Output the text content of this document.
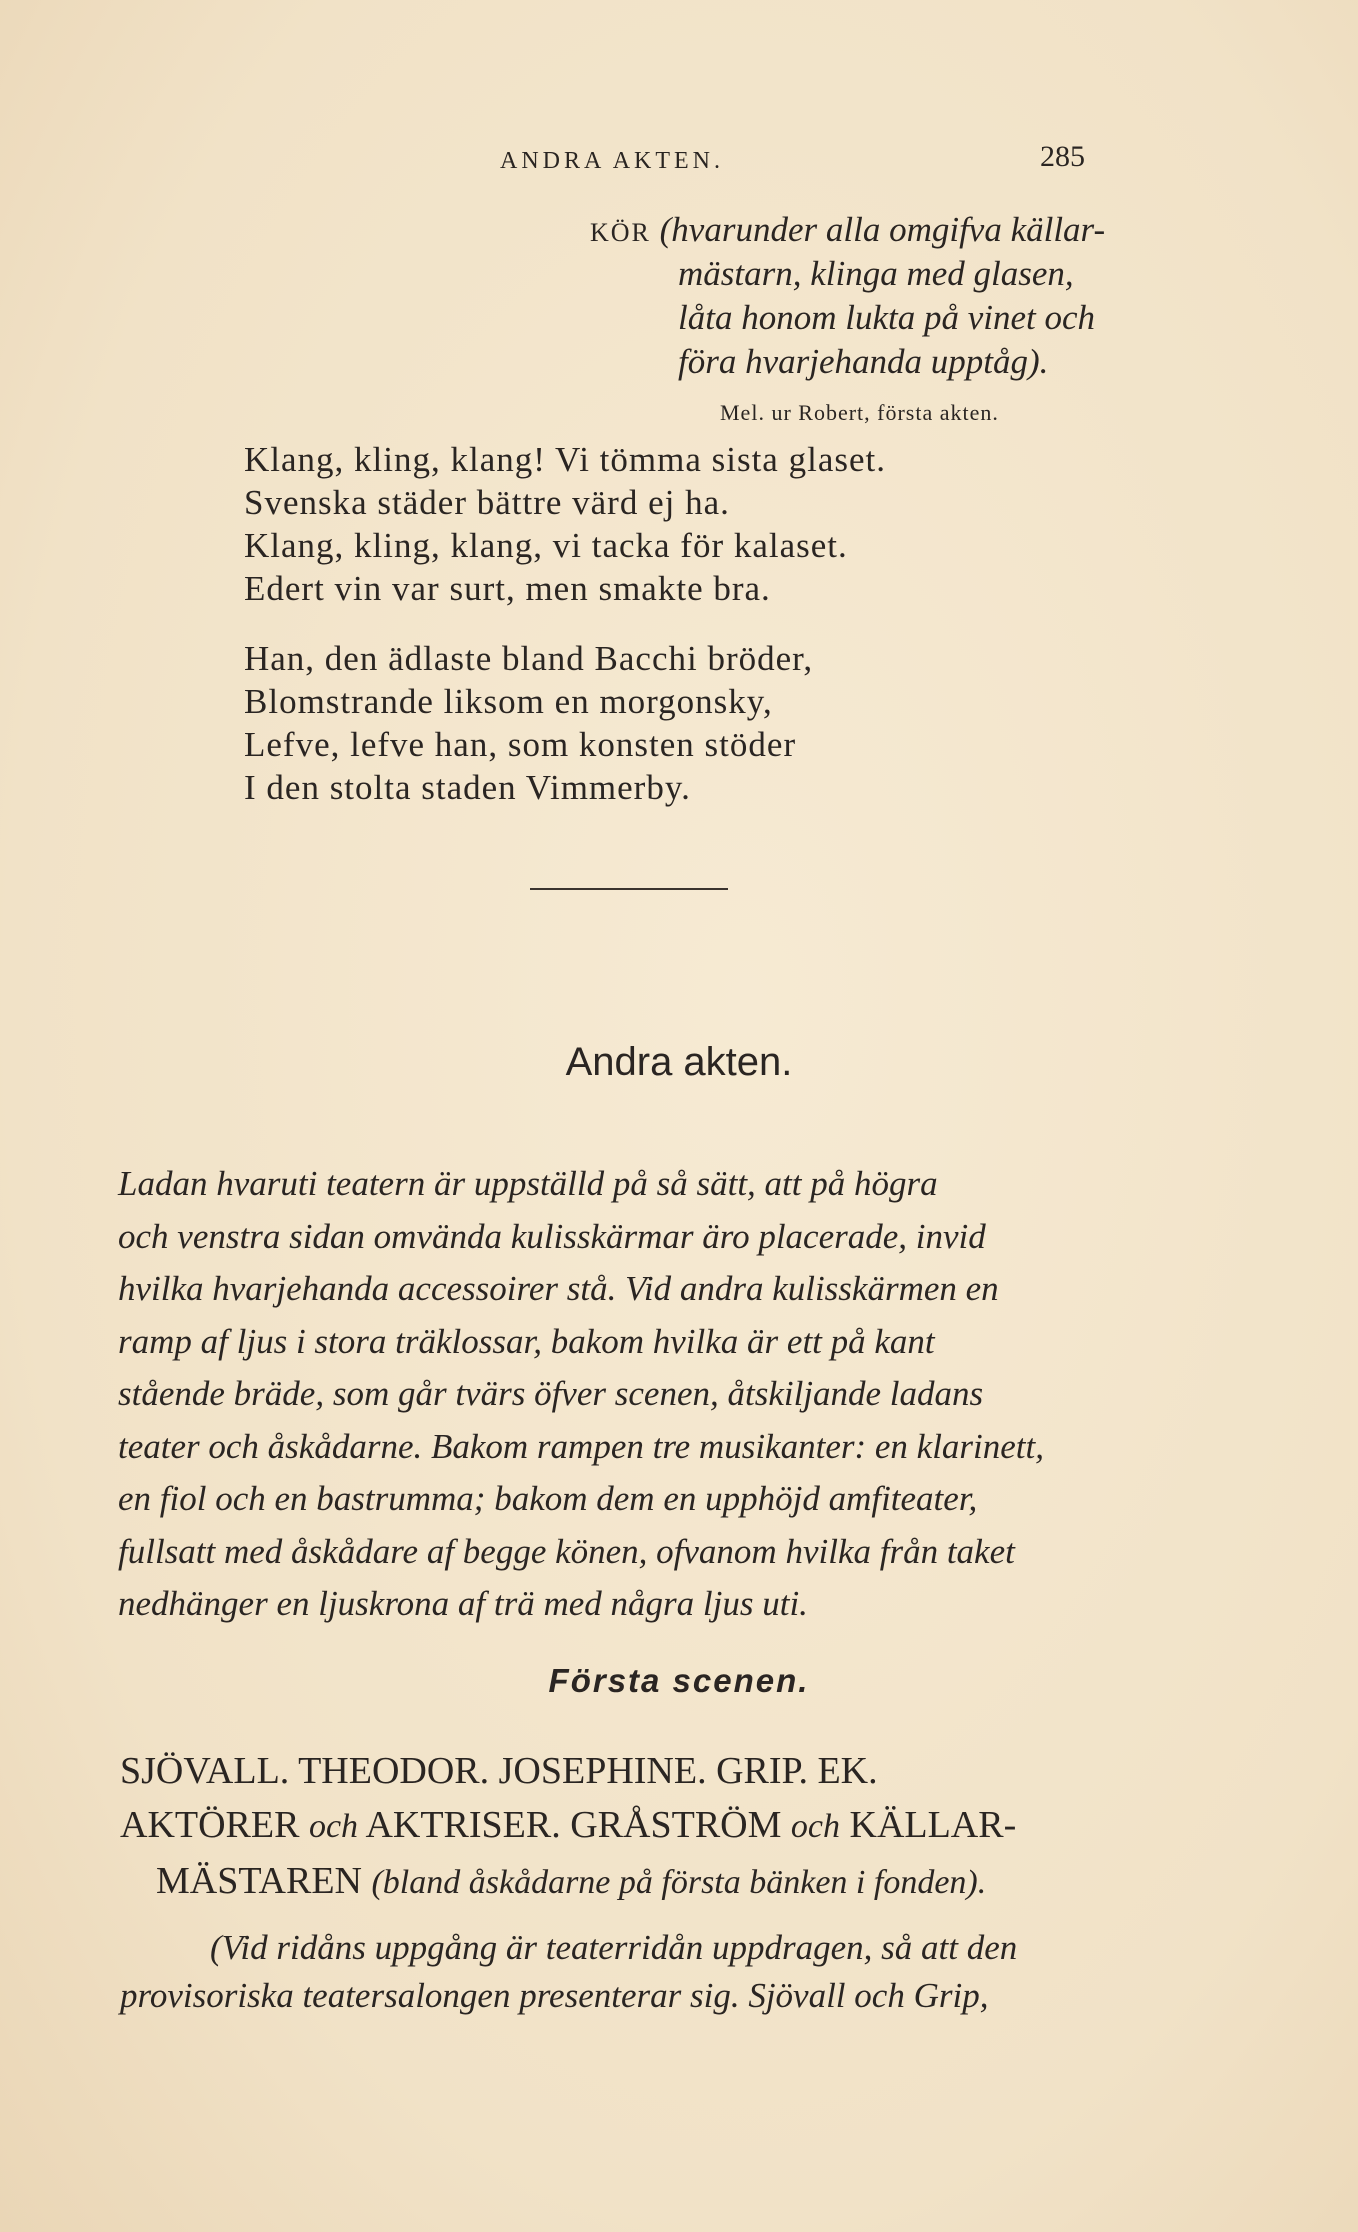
ANDRA AKTEN.	285
KÖR (hvarunder alla omgifva källar-
mästarn, klinga med glasen,
låta honom lukta på vinet och
föra hvarjehanda upptåg).
Mel. ur Robert, första akten.
Klang, kling, klang! Vi tömma sista glaset.
Svenska städer bättre värd ej ha.
Klang, kling, klang, vi tacka för kalaset.
Edert vin var surt, men smakte bra.
Han, den ädlaste bland Bacchi bröder,
Blomstrande liksom en morgonsky,
Lefve, lefve han, som konsten stöder
I den stolta staden Vimmerby.
Andra akten.
Ladan hvaruti teatern är uppställd på så sätt, att på högra
och venstra sidan omvända kulisskärmar äro placerade, invid
hvilka hvarjehanda accessoirer stå. Vid andra kulisskärmen en
ramp af ljus i stora träklossar, bakom hvilka är ett på kant
stående bräde, som går tvärs öfver scenen, åtskiljande ladans
teater och åskådarne. Bakom rampen tre musikanter: en klarinett,
en fiol och en bastrumma; bakom dem en upphöjd amfiteater,
fullsatt med åskådare af begge könen, ofvanom hvilka från taket
nedhänger en ljuskrona af trä med några ljus uti.
Första scenen.
SJÖVALL. THEODOR. JOSEPHINE. GRIP. EK.
AKTÖRER och AKTRISER. GRÅSTRÖM och KÄLLAR-
MÄSTAREN (bland åskådarne på första bänken i fonden).
(Vid ridåns uppgång är teaterridån uppdragen, så att den
provisoriska teatersalongen presenterar sig. Sjövall och Grip,
